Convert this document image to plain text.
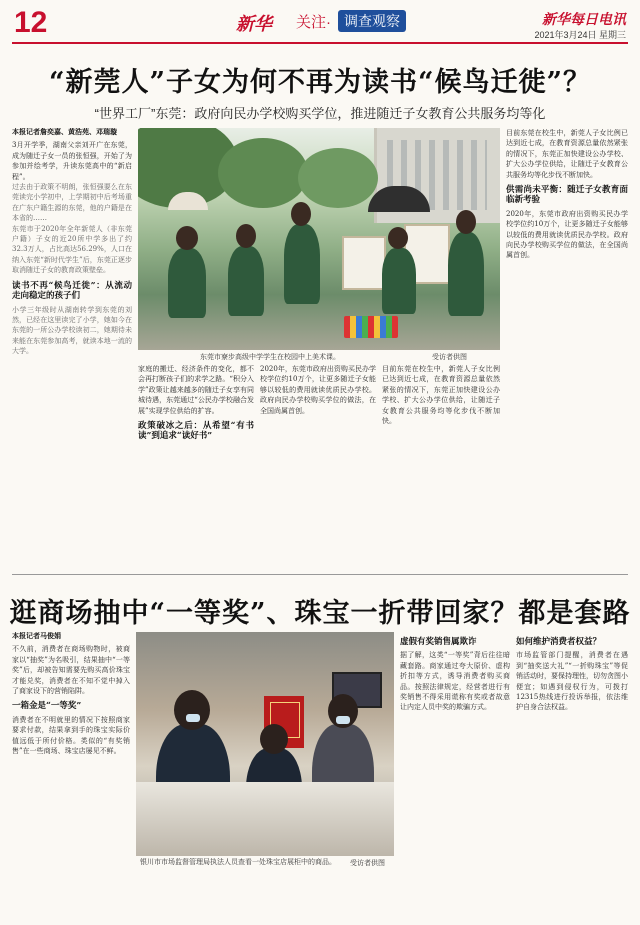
12	新华 关注· 调查观察	新华每日电讯
2021年3月24日 星期三
“新莞人”子女为何不再为读书“候鸟迁徙”？
“世界工厂”东莞：政府向民办学校购买学位，推进随迁子女教育公共服务均等化
本报记者詹奕嘉、黄浩苑、邓瑞璇
3月开学季，湖南父亲刘开广在东莞，成为随迁子女一员的张恒强，开始了为参加并绘考学，升读东莞高中的“新启程”。
过去由于政策不明朗，张恒强要么在东莞读完小学初中，上学期初中后考场重在广东户籍生源的东莞，他的户籍是在本省的……
东莞市于2020年全年新莞人（非东莞户籍）子女的近20所中学多出了约32.3万人，占比高达56.29%，人口在纳入东莞“新时代学生”后，东莞正逐步取消随迁子女的教育政策壁垒。
读书不再“候鸟迁徙”：从流动走向稳定的孩子们
小学三年级时从湖南转学到东莞的刘然，已经在这里读完了小学，她如今在东莞的一所公办学校读初二，她期待未来能在东莞参加高考，就读本地一流的大学。
东莞市寮步高级中学学生在校园中上美术课。	受访者供图
家庭的搬迁、经济条件的变化，都不会再打断孩子们的求学之路。“积分入学”政策让越来越多的随迁子女享有同城待遇，东莞通过“公民办学校融合发展”实现学位供给的扩容。
政策破冰之后：从希望“有书读”到追求“读好书”
2020年，东莞市政府出资购买民办学校学位约10万个，让更多随迁子女能够以较低的费用就读优质民办学校。政府向民办学校购买学位的做法，在全国尚属首创。
目前东莞在校生中，新莞人子女比例已达到近七成，在教育资源总量依然紧张的情况下，东莞正加快建设公办学校、扩大公办学位供给，让随迁子女教育公共服务均等化步伐不断加快。
目前东莞在校生中，新莞人子女比例已达到近七成，在教育资源总量依然紧张的情况下，东莞正加快建设公办学校、扩大公办学位供给，让随迁子女教育公共服务均等化步伐不断加快。
供需尚未平衡：随迁子女教育面临新考验
2020年，东莞市政府出资购买民办学校学位约10万个，让更多随迁子女能够以较低的费用就读优质民办学校。政府向民办学校购买学位的做法，在全国尚属首创。
逛商场抽中“一等奖”、珠宝一折带回家？都是套路
本报记者马俊娟
不久前，消费者在商场购物时，被商家以“抽奖”为名吸引，结果抽中“一等奖”后，却被告知需要先购买高价珠宝才能兑奖，消费者在不知不觉中掉入了商家设下的营销陷阱。
一箱金是“一等奖”
消费者在不明就里的情况下按照商家要求付款，结果拿到手的珠宝实际价值远低于所付价格。类似的“有奖销售”在一些商场、珠宝店屡见不鲜。
银川市市场监督管理局执法人员查看一处珠宝店展柜中的商品。	受访者供图
虚假有奖销售属欺诈
据了解，这类“一等奖”背后往往暗藏套路。商家通过夸大原价、虚构折扣等方式，诱导消费者购买商品。按照法律规定，经营者进行有奖销售不得采用谎称有奖或者故意让内定人员中奖的欺骗方式。
如何维护消费者权益？
市场监管部门提醒，消费者在遇到“抽奖送大礼”“一折购珠宝”等促销活动时，要保持理性，切勿贪图小便宜；如遇到侵权行为，可拨打12315热线进行投诉举报，依法维护自身合法权益。
